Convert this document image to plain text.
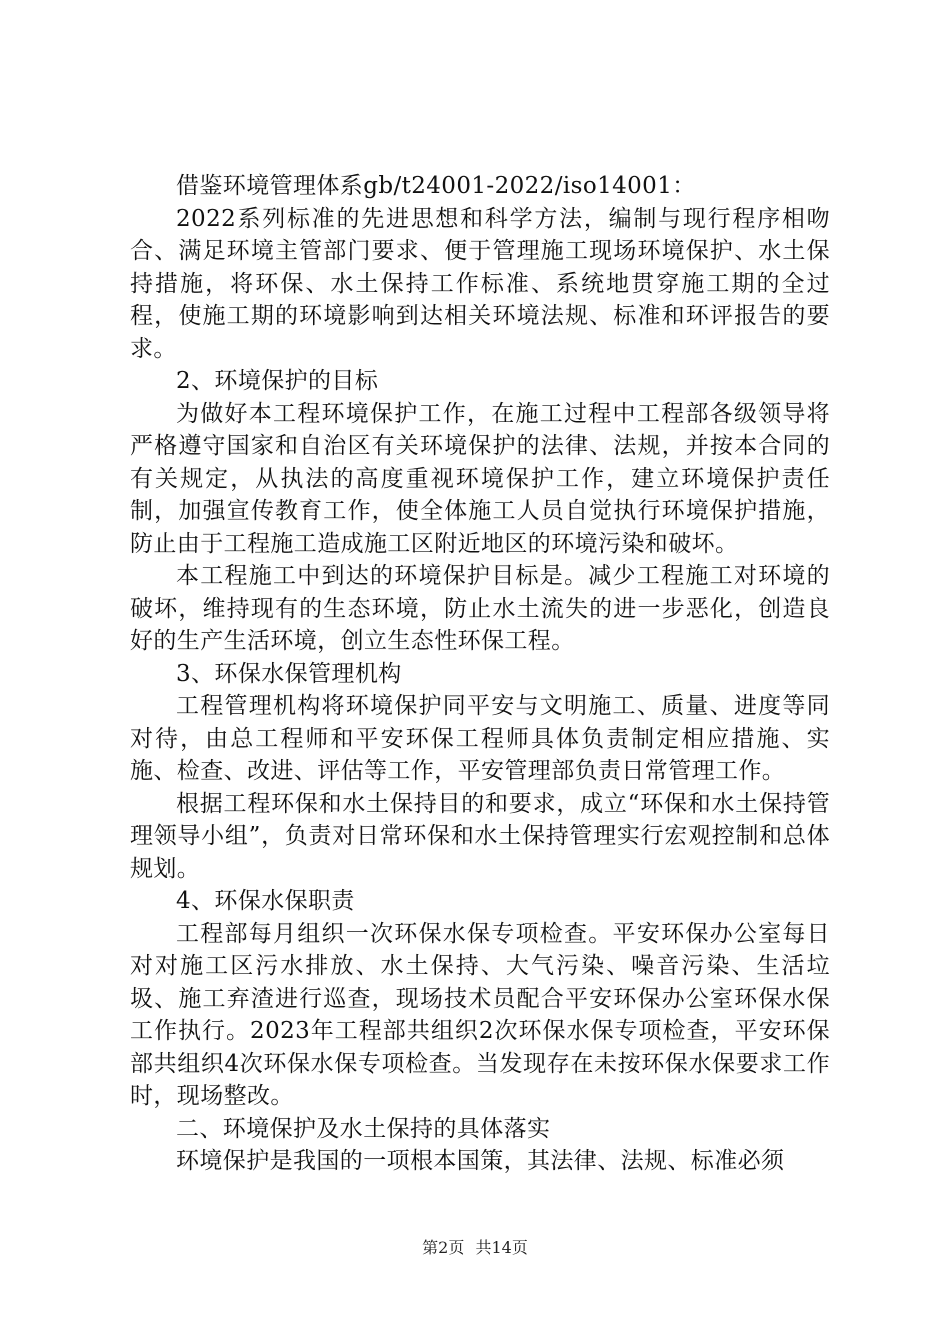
借鉴环境管理体系gb/t24001-2022/iso14001：

2022系列标准的先进思想和科学方法，编制与现行程序相吻合、满足环境主管部门要求、便于管理施工现场环境保护、水土保持措施，将环保、水土保持工作标准、系统地贯穿施工期的全过程，使施工期的环境影响到达相关环境法规、标准和环评报告的要求。

2、环境保护的目标

为做好本工程环境保护工作，在施工过程中工程部各级领导将严格遵守国家和自治区有关环境保护的法律、法规，并按本合同的有关规定，从执法的高度重视环境保护工作，建立环境保护责任制，加强宣传教育工作，使全体施工人员自觉执行环境保护措施，防止由于工程施工造成施工区附近地区的环境污染和破坏。

本工程施工中到达的环境保护目标是。减少工程施工对环境的破坏，维持现有的生态环境，防止水土流失的进一步恶化，创造良好的生产生活环境，创立生态性环保工程。

3、环保水保管理机构

工程管理机构将环境保护同平安与文明施工、质量、进度等同对待，由总工程师和平安环保工程师具体负责制定相应措施、实施、检查、改进、评估等工作，平安管理部负责日常管理工作。

根据工程环保和水土保持目的和要求，成立“环保和水土保持管理领导小组”，负责对日常环保和水土保持管理实行宏观控制和总体规划。

4、环保水保职责

工程部每月组织一次环保水保专项检查。平安环保办公室每日对对施工区污水排放、水土保持、大气污染、噪音污染、生活垃圾、施工弃渣进行巡查，现场技术员配合平安环保办公室环保水保工作执行。2023年工程部共组织2次环保水保专项检查，平安环保部共组织4次环保水保专项检查。当发现存在未按环保水保要求工作时，现场整改。

二、环境保护及水土保持的具体落实

环境保护是我国的一项根本国策，其法律、法规、标准必须

第2页 共14页
